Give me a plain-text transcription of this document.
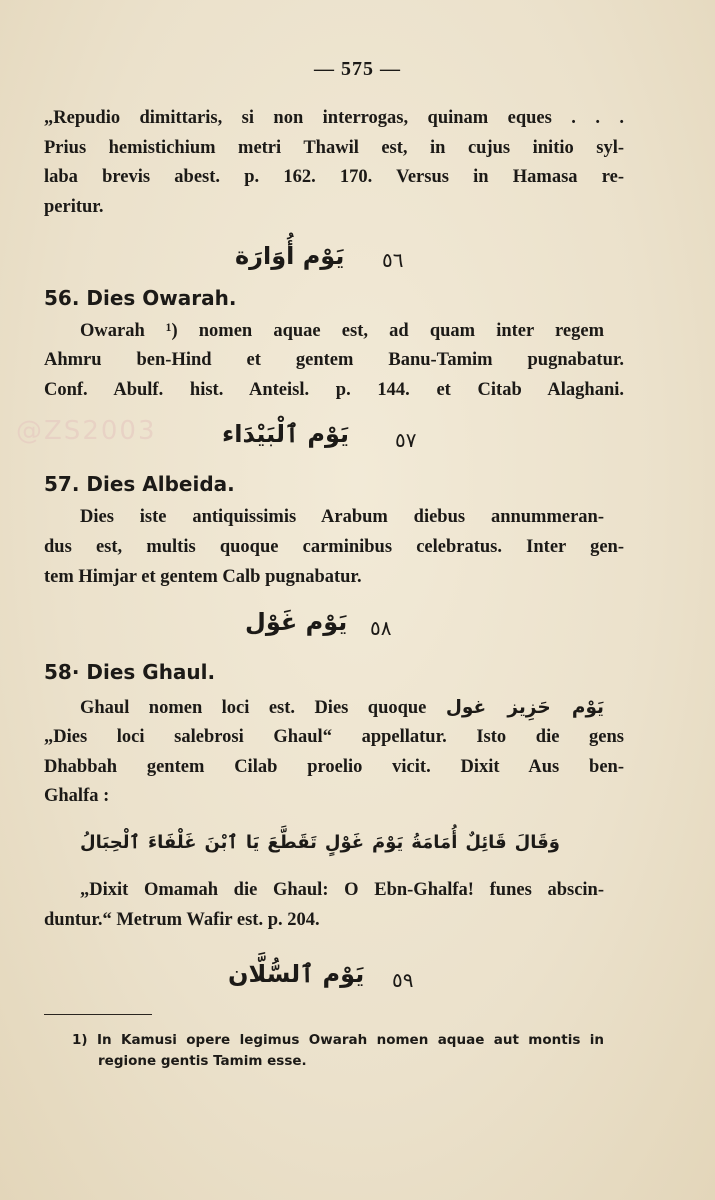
— 575 —
@ZS2003
„Repudio dimittaris, si non interrogas, quinam eques . . .
Prius hemistichium metri Thawil est, in cujus initio syl-
laba brevis abest. p. 162. 170. Versus in Hamasa re-
peritur.
يَوْم أُوَارَة ٥٦
56. Dies Owarah.
Owarah ¹) nomen aquae est, ad quam inter regem
Ahmru ben-Hind et gentem Banu-Tamim pugnabatur.
Conf. Abulf. hist. Anteisl. p. 144. et Citab Alaghani.
يَوْم ٱلْبَيْدَاء ٥٧
57. Dies Albeida.
Dies iste antiquissimis Arabum diebus annummeran-
dus est, multis quoque carminibus celebratus. Inter gen-
tem Himjar et gentem Calb pugnabatur.
يَوْم غَوْل ٥٨
58· Dies Ghaul.
Ghaul nomen loci est. Dies quoque يَوْم حَزِيز غول
„Dies loci salebrosi Ghaul“ appellatur. Isto die gens
Dhabbah gentem Cilab proelio vicit. Dixit Aus ben-
Ghalfa :
وَقَالَ قَائِلٌ أُمَامَةُ يَوْمَ غَوْلٍ تَقَطَّعَ يَا ٱبْنَ غَلْفَاءَ ٱلْحِبَالُ
„Dixit Omamah die Ghaul: O Ebn-Ghalfa! funes abscin-
duntur.“ Metrum Wafir est. p. 204.
يَوْم ٱلسُّلَّان ٥٩
1) In Kamusi opere legimus Owarah nomen aquae aut montis in
regione gentis Tamim esse.
